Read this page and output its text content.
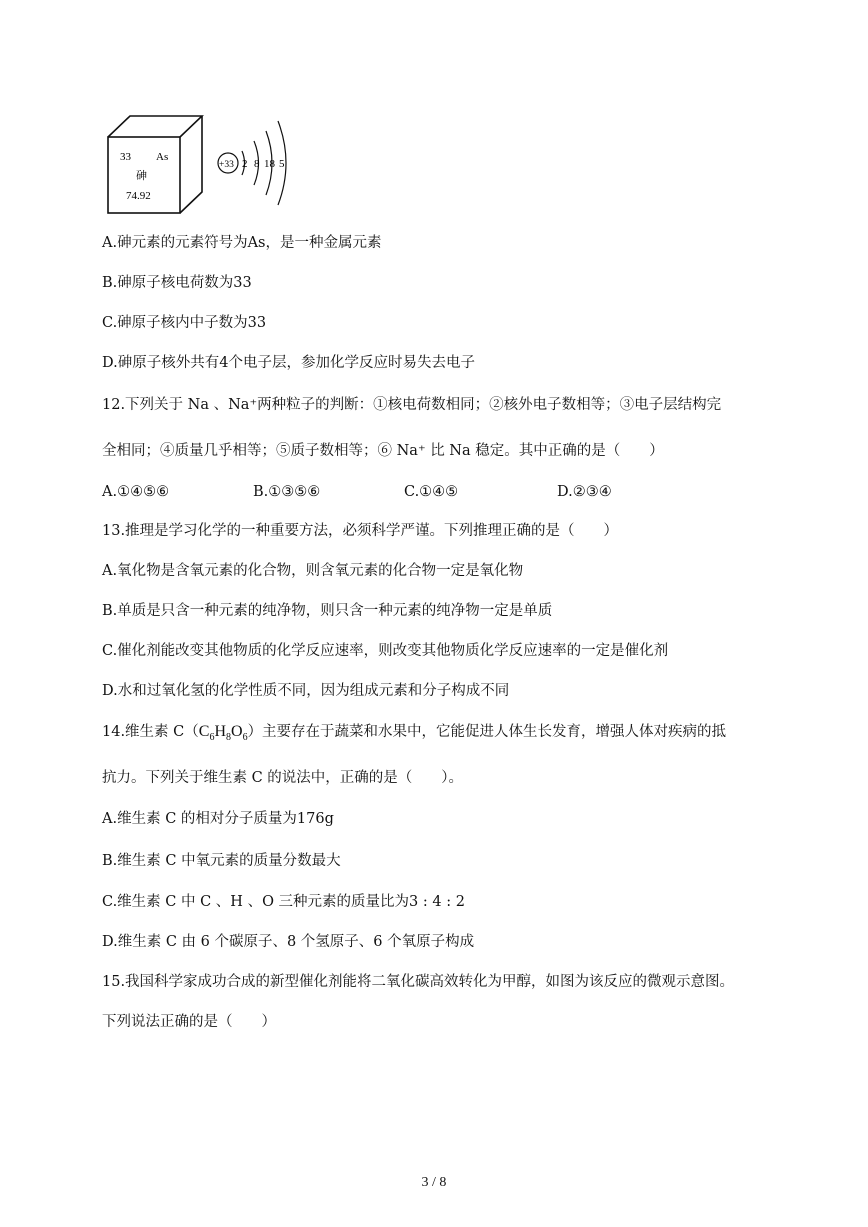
33 As
砷
74.92
+33 2 8 18 5
A.砷元素的元素符号为As，是一种金属元素
B.砷原子核电荷数为33
C.砷原子核内中子数为33
D.砷原子核外共有4个电子层，参加化学反应时易失去电子
12.下列关于 Na 、Na⁺两种粒子的判断：①核电荷数相同；②核外电子数相等；③电子层结构完
全相同；④质量几乎相等；⑤质子数相等；⑥ Na⁺ 比 Na 稳定。其中正确的是（　　）
A.①④⑤⑥	B.①③⑤⑥	C.①④⑤	D.②③④
13.推理是学习化学的一种重要方法，必须科学严谨。下列推理正确的是（　　）
A.氧化物是含氧元素的化合物，则含氧元素的化合物一定是氧化物
B.单质是只含一种元素的纯净物，则只含一种元素的纯净物一定是单质
C.催化剂能改变其他物质的化学反应速率，则改变其他物质化学反应速率的一定是催化剂
D.水和过氧化氢的化学性质不同，因为组成元素和分子构成不同
14.维生素 $C(C_6H_8O_6)$主要存在于蔬菜和水果中，它能促进人体生长发育，增强人体对疾病的抵
抗力。下列关于维生素 C 的说法中，正确的是（　　）。
A.维生素 C 的相对分子质量为176g
B.维生素 C 中氧元素的质量分数最大
C.维生素 C 中 C 、H 、O 三种元素的质量比为3 : 4 : 2
D.维生素 C 由 6 个碳原子、8 个氢原子、6 个氧原子构成
15.我国科学家成功合成的新型催化剂能将二氧化碳高效转化为甲醇，如图为该反应的微观示意图。
下列说法正确的是（　　）
3 / 8
